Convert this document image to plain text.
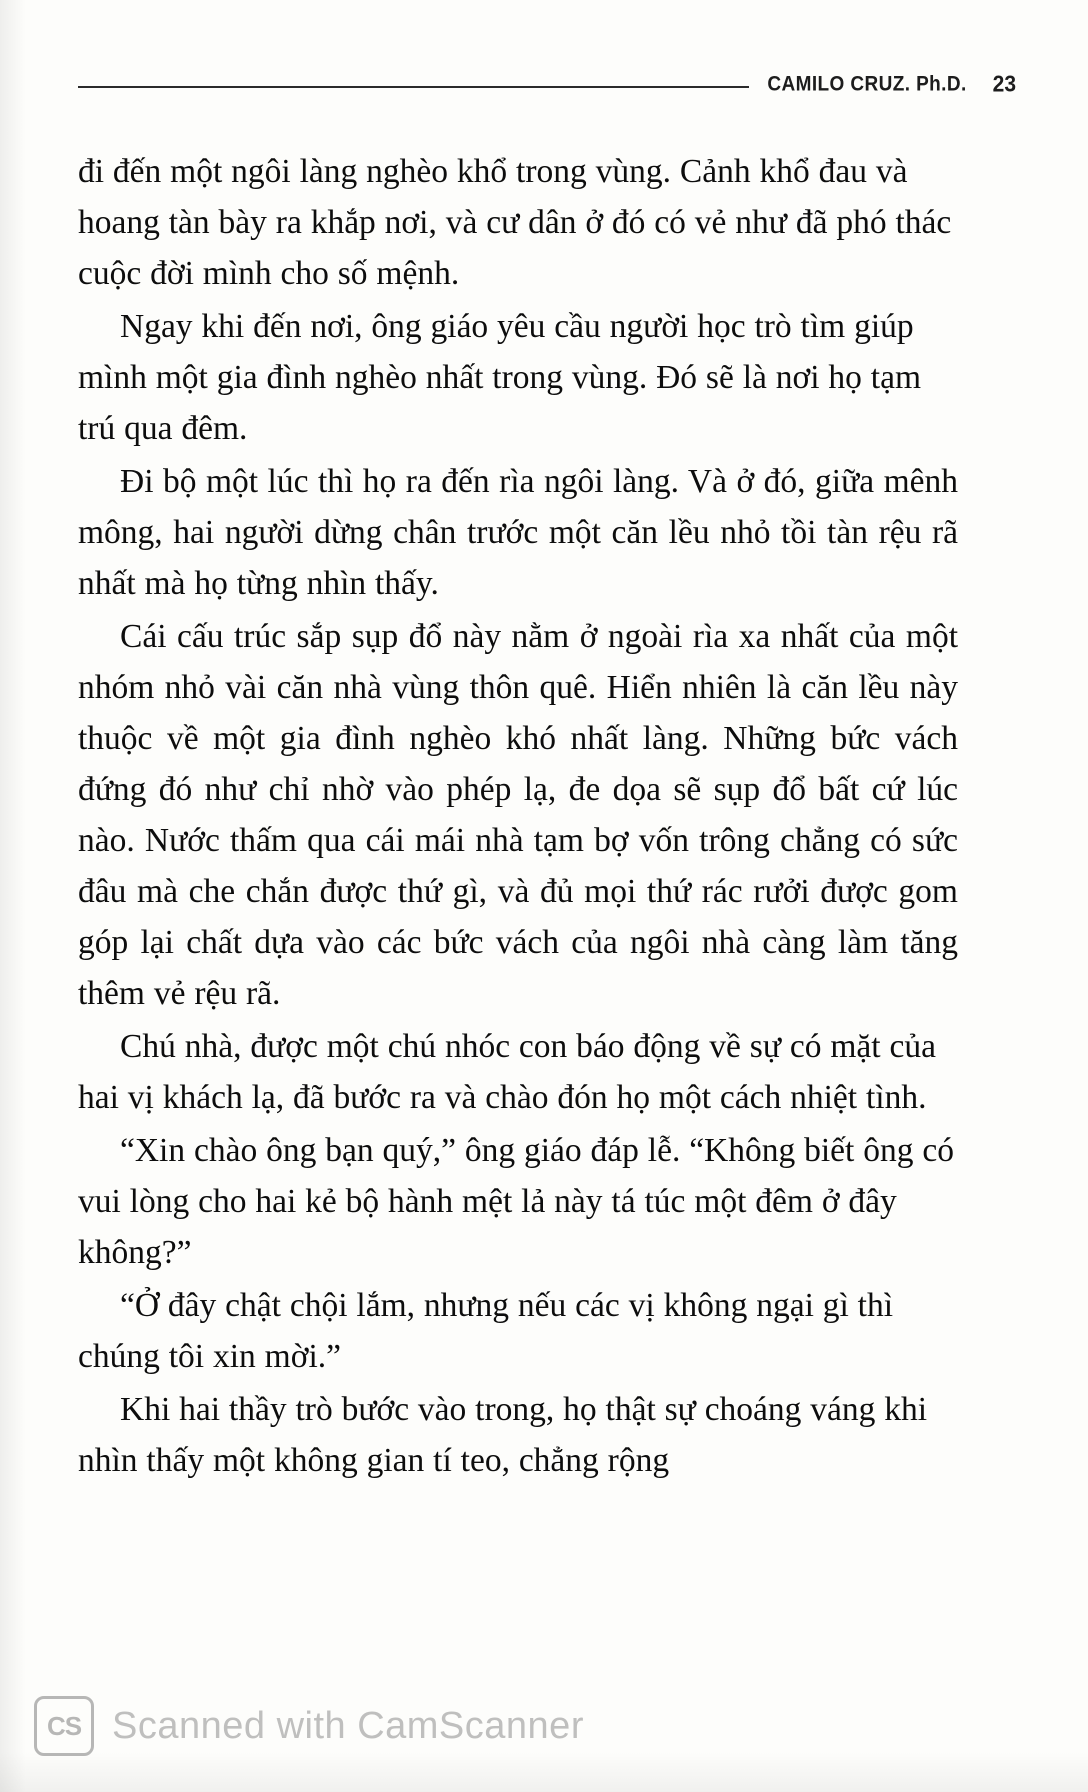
CAMILO CRUZ. Ph.D. 23

đi đến một ngôi làng nghèo khổ trong vùng. Cảnh khổ đau và hoang tàn bày ra khắp nơi, và cư dân ở đó có vẻ như đã phó thác cuộc đời mình cho số mệnh.

Ngay khi đến nơi, ông giáo yêu cầu người học trò tìm giúp mình một gia đình nghèo nhất trong vùng. Đó sẽ là nơi họ tạm trú qua đêm.

Đi bộ một lúc thì họ ra đến rìa ngôi làng. Và ở đó, giữa mênh mông, hai người dừng chân trước một căn lều nhỏ tồi tàn rệu rã nhất mà họ từng nhìn thấy.

Cái cấu trúc sắp sụp đổ này nằm ở ngoài rìa xa nhất của một nhóm nhỏ vài căn nhà vùng thôn quê. Hiển nhiên là căn lều này thuộc về một gia đình nghèo khó nhất làng. Những bức vách đứng đó như chỉ nhờ vào phép lạ, đe dọa sẽ sụp đổ bất cứ lúc nào. Nước thấm qua cái mái nhà tạm bợ vốn trông chẳng có sức đâu mà che chắn được thứ gì, và đủ mọi thứ rác rưởi được gom góp lại chất dựa vào các bức vách của ngôi nhà càng làm tăng thêm vẻ rệu rã.

Chú nhà, được một chú nhóc con báo động về sự có mặt của hai vị khách lạ, đã bước ra và chào đón họ một cách nhiệt tình.

“Xin chào ông bạn quý,” ông giáo đáp lễ. “Không biết ông có vui lòng cho hai kẻ bộ hành mệt lả này tá túc một đêm ở đây không?”

“Ở đây chật chội lắm, nhưng nếu các vị không ngại gì thì chúng tôi xin mời.”

Khi hai thầy trò bước vào trong, họ thật sự choáng váng khi nhìn thấy một không gian tí teo, chẳng rộng

CS Scanned with CamScanner
